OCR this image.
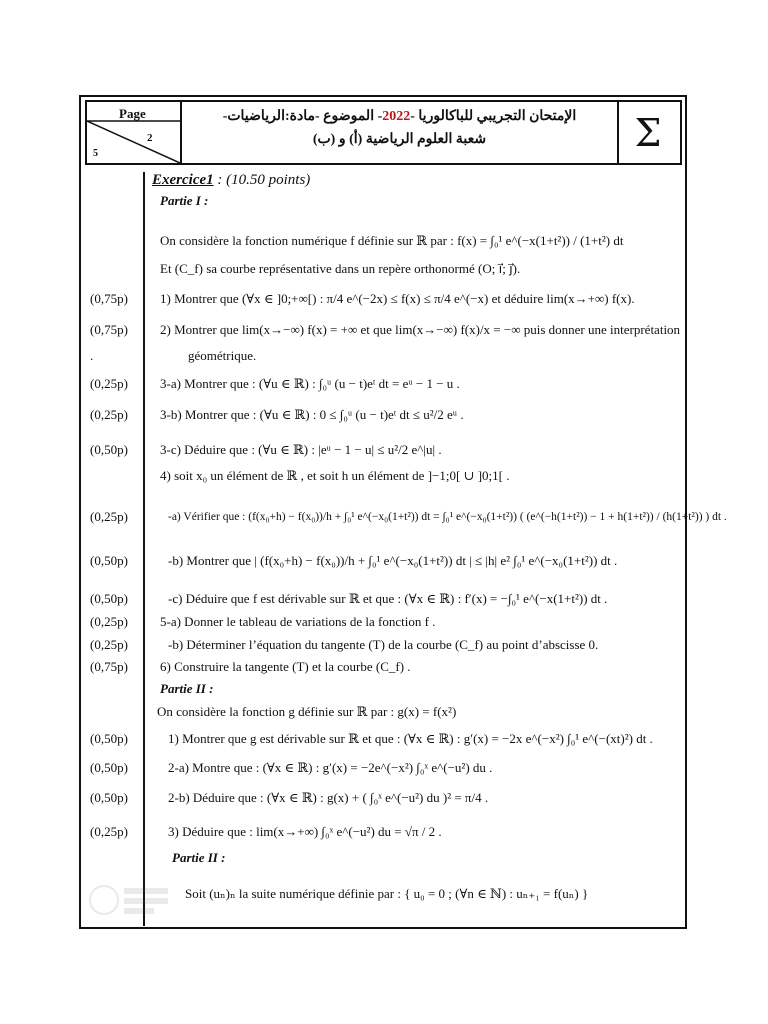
Page
2
5
الإمتحان التجريبي للباكالوريا -2022- الموضوع -مادة:الرياضيات-
شعبة العلوم الرياضية (أ) و (ب)	Σ
Exercice1 : (10.50 points)
Partie I :
Partie II :
Partie II :
(0,75p)
(0,75p)
.
(0,25p)
(0,25p)
(0,50p)
(0,25p)
(0,50p)
(0,50p)
(0,25p)
(0,25p)
(0,75p)
(0,50p)
(0,50p)
(0,50p)
(0,25p)
On considère la fonction numérique f définie sur ℝ par : f(x) = ∫₀¹ e^(−x(1+t²)) / (1+t²) dt
Et (C_f) sa courbe représentative dans un repère orthonormé (O; i⃗; j⃗).
1) Montrer que (∀x ∈ ]0;+∞[) : π/4 e^(−2x) ≤ f(x) ≤ π/4 e^(−x) et déduire lim(x→+∞) f(x).
2) Montrer que lim(x→−∞) f(x) = +∞ et que lim(x→−∞) f(x)/x = −∞ puis donner une interprétation
géométrique.
3-a) Montrer que : (∀u ∈ ℝ) : ∫₀ᵘ (u − t)eᵗ dt = eᵘ − 1 − u .
3-b) Montrer que : (∀u ∈ ℝ) : 0 ≤ ∫₀ᵘ (u − t)eᵗ dt ≤ u²/2 eᵘ .
3-c) Déduire que : (∀u ∈ ℝ) : |eᵘ − 1 − u| ≤ u²/2 e^|u| .
4) soit x₀ un élément de ℝ , et soit h un élément de ]−1;0[ ∪ ]0;1[ .
-a) Vérifier que : (f(x₀+h) − f(x₀))/h + ∫₀¹ e^(−x₀(1+t²)) dt = ∫₀¹ e^(−x₀(1+t²)) ( (e^(−h(1+t²)) − 1 + h(1+t²)) / (h(1+t²)) ) dt .
-b) Montrer que | (f(x₀+h) − f(x₀))/h + ∫₀¹ e^(−x₀(1+t²)) dt | ≤ |h| e² ∫₀¹ e^(−x₀(1+t²)) dt .
-c) Déduire que f est dérivable sur ℝ et que : (∀x ∈ ℝ) : f′(x) = −∫₀¹ e^(−x(1+t²)) dt .
5-a) Donner le tableau de variations de la fonction f .
-b) Déterminer l’équation du tangente (T) de la courbe (C_f) au point d’abscisse 0.
6) Construire la tangente (T) et la courbe (C_f) .
On considère la fonction g définie sur ℝ par : g(x) = f(x²)
1) Montrer que g est dérivable sur ℝ et que : (∀x ∈ ℝ) : g′(x) = −2x e^(−x²) ∫₀¹ e^(−(xt)²) dt .
2-a) Montre que : (∀x ∈ ℝ) : g′(x) = −2e^(−x²) ∫₀ˣ e^(−u²) du .
2-b) Déduire que : (∀x ∈ ℝ) : g(x) + ( ∫₀ˣ e^(−u²) du )² = π/4 .
3) Déduire que : lim(x→+∞) ∫₀ˣ e^(−u²) du = √π / 2 .
Soit (uₙ)ₙ la suite numérique définie par : { u₀ = 0 ; (∀n ∈ ℕ) : uₙ₊₁ = f(uₙ) }
